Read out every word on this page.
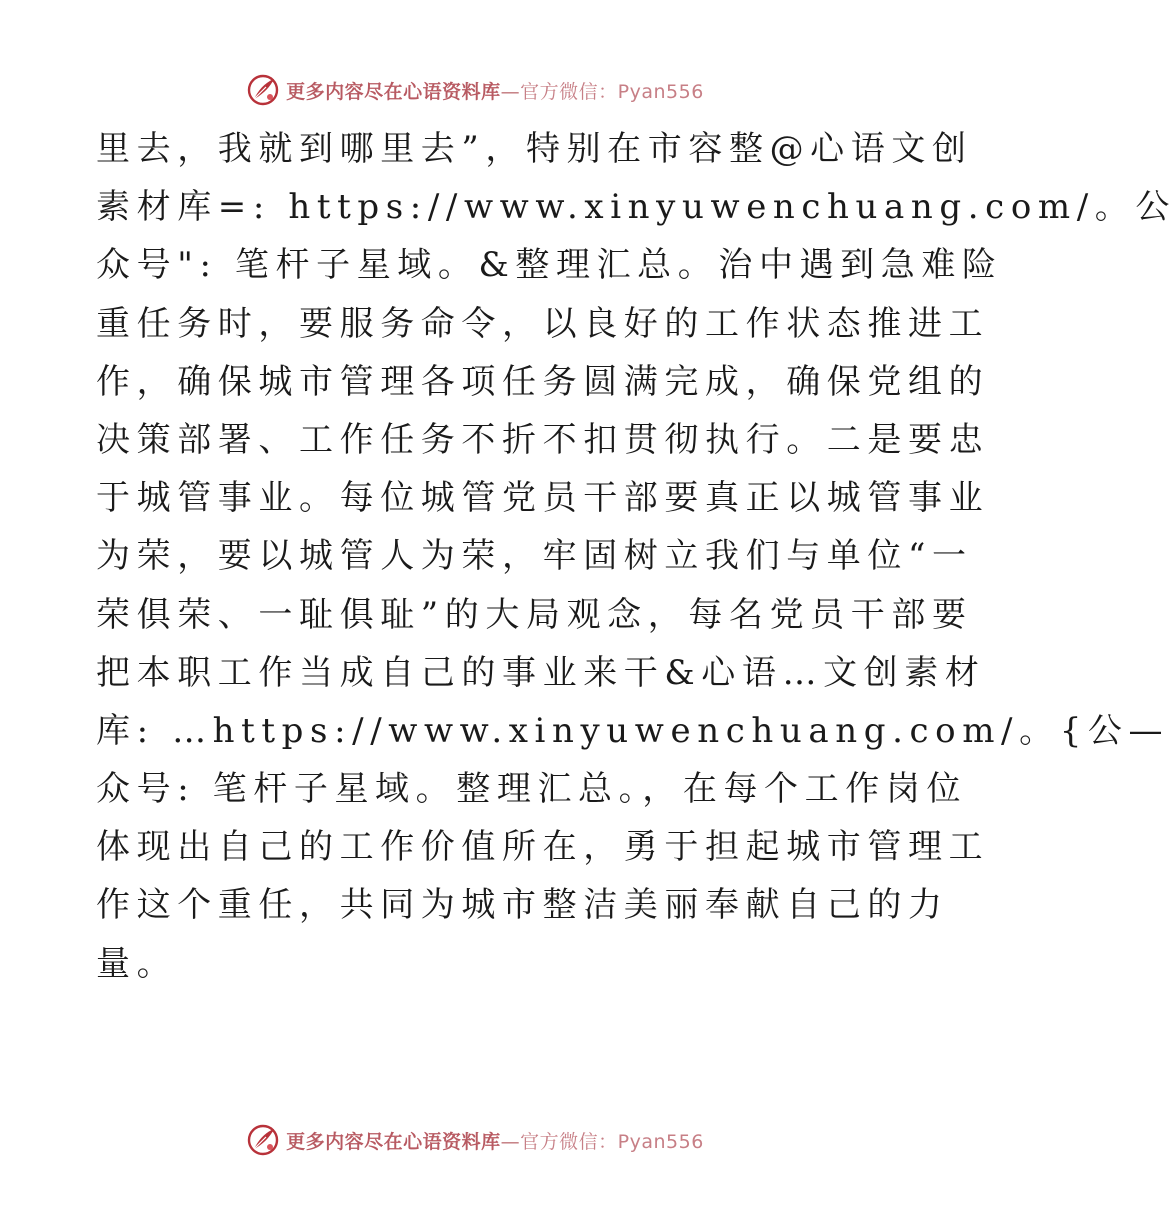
更多内容尽在心语资料库—官方微信：Pyan556
里去，我就到哪里去”，特别在市容整@心语文创
素材库=: https://www.xinyuwenchuang.com/。公
众号": 笔杆子星域。&整理汇总。治中遇到急难险
重任务时，要服务命令，以良好的工作状态推进工
作，确保城市管理各项任务圆满完成，确保党组的
决策部署、工作任务不折不扣贯彻执行。二是要忠
于城管事业。每位城管党员干部要真正以城管事业
为荣，要以城管人为荣，牢固树立我们与单位“一
荣俱荣、一耻俱耻”的大局观念，每名党员干部要
把本职工作当成自己的事业来干&心语…文创素材
库: …https://www.xinyuwenchuang.com/。{公—
众号: 笔杆子星域。整理汇总。，在每个工作岗位
体现出自己的工作价值所在，勇于担起城市管理工
作这个重任，共同为城市整洁美丽奉献自己的力
量。
更多内容尽在心语资料库—官方微信：Pyan556
